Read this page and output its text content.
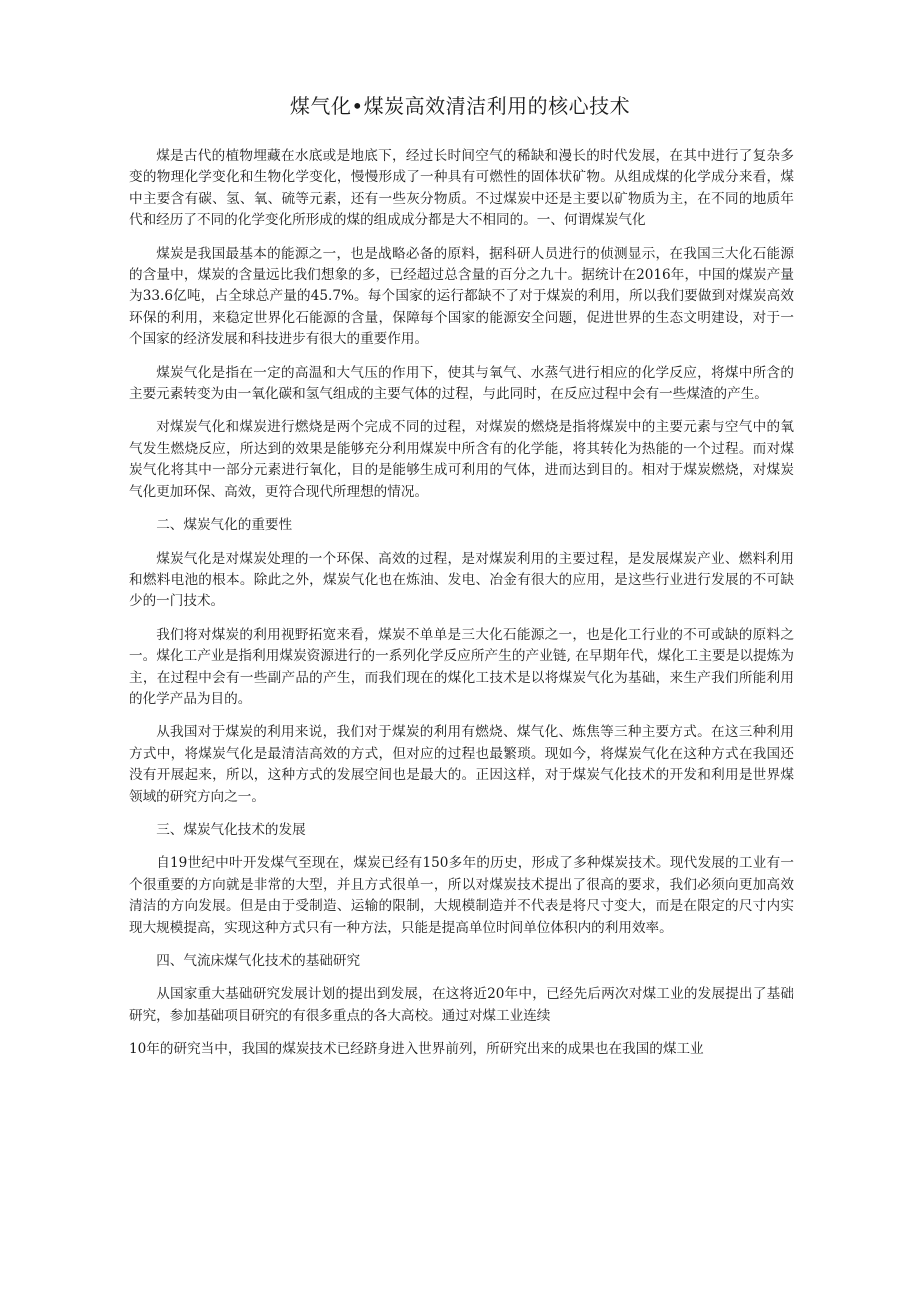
煤气化•煤炭高效清洁利用的核心技术

煤是古代的植物埋藏在水底或是地底下，经过长时间空气的稀缺和漫长的时代发展，在其中进行了复杂多变的物理化学变化和生物化学变化，慢慢形成了一种具有可燃性的固体状矿物。从组成煤的化学成分来看，煤中主要含有碳、氢、氧、硫等元素，还有一些灰分物质。不过煤炭中还是主要以矿物质为主，在不同的地质年代和经历了不同的化学变化所形成的煤的组成成分都是大不相同的。一、何谓煤炭气化

煤炭是我国最基本的能源之一，也是战略必备的原料，据科研人员进行的侦测显示，在我国三大化石能源的含量中，煤炭的含量远比我们想象的多，已经超过总含量的百分之九十。据统计在2016年，中国的煤炭产量为33.6亿吨，占全球总产量的45.7%。每个国家的运行都缺不了对于煤炭的利用，所以我们要做到对煤炭高效环保的利用，来稳定世界化石能源的含量，保障每个国家的能源安全问题，促进世界的生态文明建设，对于一个国家的经济发展和科技进步有很大的重要作用。

煤炭气化是指在一定的高温和大气压的作用下，使其与氧气、水蒸气进行相应的化学反应，将煤中所含的主要元素转变为由一氧化碳和氢气组成的主要气体的过程，与此同时，在反应过程中会有一些煤渣的产生。

对煤炭气化和煤炭进行燃烧是两个完成不同的过程，对煤炭的燃烧是指将煤炭中的主要元素与空气中的氧气发生燃烧反应，所达到的效果是能够充分利用煤炭中所含有的化学能，将其转化为热能的一个过程。而对煤炭气化将其中一部分元素进行氧化，目的是能够生成可利用的气体，进而达到目的。相对于煤炭燃烧，对煤炭气化更加环保、高效，更符合现代所理想的情况。

二、煤炭气化的重要性

煤炭气化是对煤炭处理的一个环保、高效的过程，是对煤炭利用的主要过程，是发展煤炭产业、燃料利用和燃料电池的根本。除此之外，煤炭气化也在炼油、发电、冶金有很大的应用，是这些行业进行发展的不可缺少的一门技术。

我们将对煤炭的利用视野拓宽来看，煤炭不单单是三大化石能源之一，也是化工行业的不可或缺的原料之一。煤化工产业是指利用煤炭资源进行的一系列化学反应所产生的产业链, 在早期年代，煤化工主要是以提炼为主，在过程中会有一些副产品的产生，而我们现在的煤化工技术是以将煤炭气化为基础，来生产我们所能利用的化学产品为目的。

从我国对于煤炭的利用来说，我们对于煤炭的利用有燃烧、煤气化、炼焦等三种主要方式。在这三种利用方式中，将煤炭气化是最清洁高效的方式，但对应的过程也最繁琐。现如今，将煤炭气化在这种方式在我国还没有开展起来，所以，这种方式的发展空间也是最大的。正因这样，对于煤炭气化技术的开发和利用是世界煤领域的研究方向之一。

三、煤炭气化技术的发展

自19世纪中叶开发煤气至现在，煤炭已经有150多年的历史，形成了多种煤炭技术。现代发展的工业有一个很重要的方向就是非常的大型，并且方式很单一，所以对煤炭技术提出了很高的要求，我们必须向更加高效清洁的方向发展。但是由于受制造、运输的限制，大规模制造并不代表是将尺寸变大，而是在限定的尺寸内实现大规模提高，实现这种方式只有一种方法，只能是提高单位时间单位体积内的利用效率。

四、气流床煤气化技术的基础研究

从国家重大基础研究发展计划的提出到发展，在这将近20年中，已经先后两次对煤工业的发展提出了基础研究，参加基础项目研究的有很多重点的各大高校。通过对煤工业连续

10年的研究当中，我国的煤炭技术已经跻身进入世界前列，所研究出来的成果也在我国的煤工业
